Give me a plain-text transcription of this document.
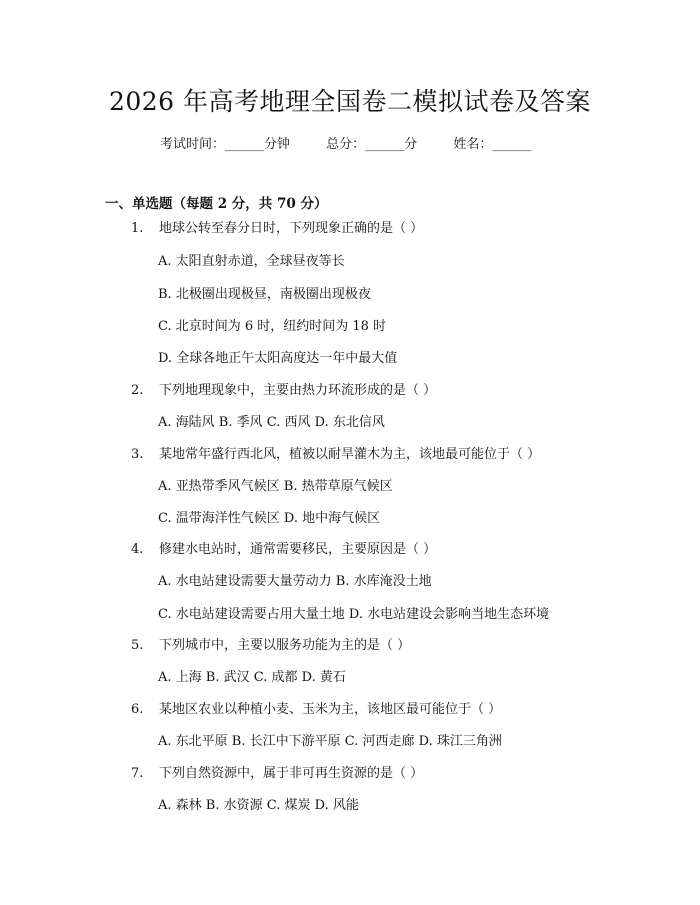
2026 年高考地理全国卷二模拟试卷及答案
考试时间：______分钟	总分：______分	姓名：______
一、单选题（每题 2 分，共 70 分）
1. 地球公转至春分日时，下列现象正确的是（ ）
A. 太阳直射赤道，全球昼夜等长
B. 北极圈出现极昼，南极圈出现极夜
C. 北京时间为 6 时，纽约时间为 18 时
D. 全球各地正午太阳高度达一年中最大值
2. 下列地理现象中，主要由热力环流形成的是（ ）
A. 海陆风 B. 季风 C. 西风 D. 东北信风
3. 某地常年盛行西北风，植被以耐旱灌木为主，该地最可能位于（ ）
A. 亚热带季风气候区 B. 热带草原气候区
C. 温带海洋性气候区 D. 地中海气候区
4. 修建水电站时，通常需要移民，主要原因是（ ）
A. 水电站建设需要大量劳动力 B. 水库淹没土地
C. 水电站建设需要占用大量土地 D. 水电站建设会影响当地生态环境
5. 下列城市中，主要以服务功能为主的是（ ）
A. 上海 B. 武汉 C. 成都 D. 黄石
6. 某地区农业以种植小麦、玉米为主，该地区最可能位于（ ）
A. 东北平原 B. 长江中下游平原 C. 河西走廊 D. 珠江三角洲
7. 下列自然资源中，属于非可再生资源的是（ ）
A. 森林 B. 水资源 C. 煤炭 D. 风能
